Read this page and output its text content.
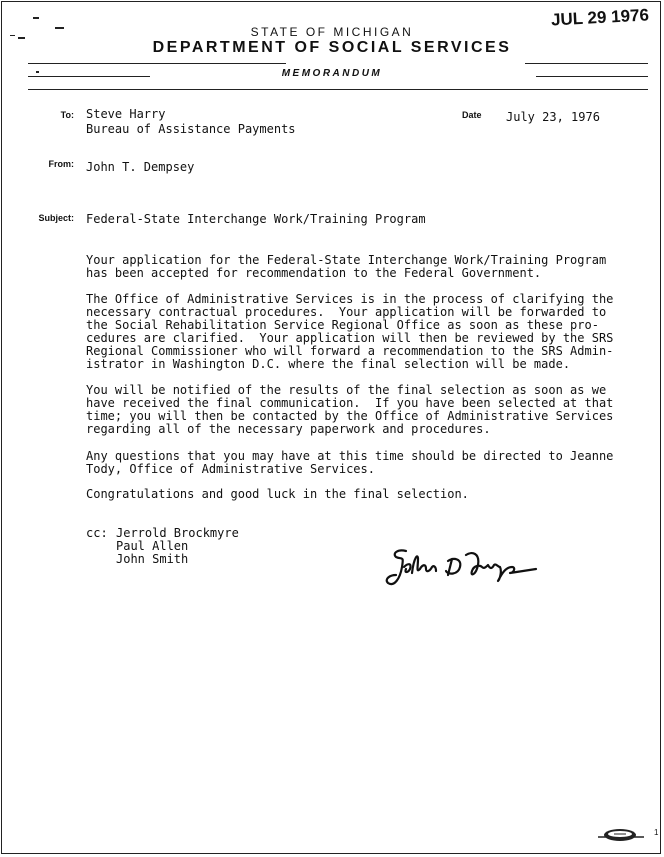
JUL 29 1976
STATE OF MICHIGAN
DEPARTMENT OF SOCIAL SERVICES
MEMORANDUM
To: Steve Harry
Bureau of Assistance Payments
Date	July 23, 1976
From: John T. Dempsey
Subject: Federal-State Interchange Work/Training Program
Your application for the Federal-State Interchange Work/Training Program
has been accepted for recommendation to the Federal Government.
The Office of Administrative Services is in the process of clarifying the
necessary contractual procedures.  Your application will be forwarded to
the Social Rehabilitation Service Regional Office as soon as these pro-
cedures are clarified.  Your application will then be reviewed by the SRS
Regional Commissioner who will forward a recommendation to the SRS Admin-
istrator in Washington D.C. where the final selection will be made.
You will be notified of the results of the final selection as soon as we
have received the final communication.  If you have been selected at that
time; you will then be contacted by the Office of Administrative Services
regarding all of the necessary paperwork and procedures.
Any questions that you may have at this time should be directed to Jeanne
Tody, Office of Administrative Services.
Congratulations and good luck in the final selection.
cc: Jerrold Brockmyre
Paul Allen
John Smith
1
